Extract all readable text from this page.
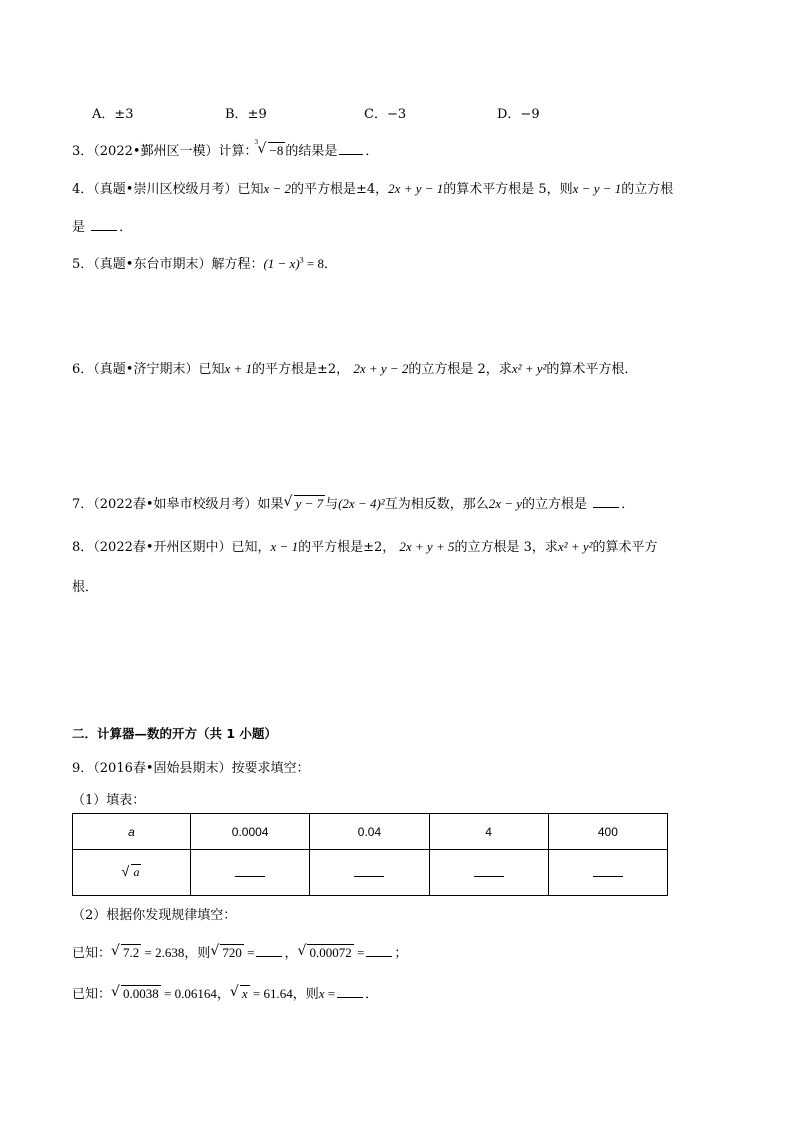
A．±3	B．±9	C．−3	D．−9
3．（2022•鄞州区一模）计算：
3 √ −8 的结果是 ．
4．（真题•崇川区校级月考）已知x − 2的平方根是±4，2x + y − 1的算术平方根是 5，则x − y − 1的立方根
是	．
5．（真题•东台市期末）解方程：$(1 - x)^3 = 8$．
6．（真题•济宁期末）已知x + 1的平方根是±2， 2x + y − 2的立方根是 2，求x² + y²的算术平方根．
7．（2022春•如皋市校级月考）如果 √ y − 7 与(2x − 4)²互为相反数，那么2x − y的立方根是	．
8．（2022春•开州区期中）已知，x − 1的平方根是±2， 2x + y + 5的立方根是 3，求x² + y²的算术平方
根．
二．计算器—数的开方（共 1 小题）
9．（2016春•固始县期末）按要求填空：
（1）填表：
a	0.0004	0.04	4	400

√ a				
（2）根据你发现规律填空：
已知： √ 7.2 = 2.638，则 √ 720 = ， √ 0.00072 = ；
已知： √ 0.0038 = 0.06164， √ x = 61.64，则x = ．
